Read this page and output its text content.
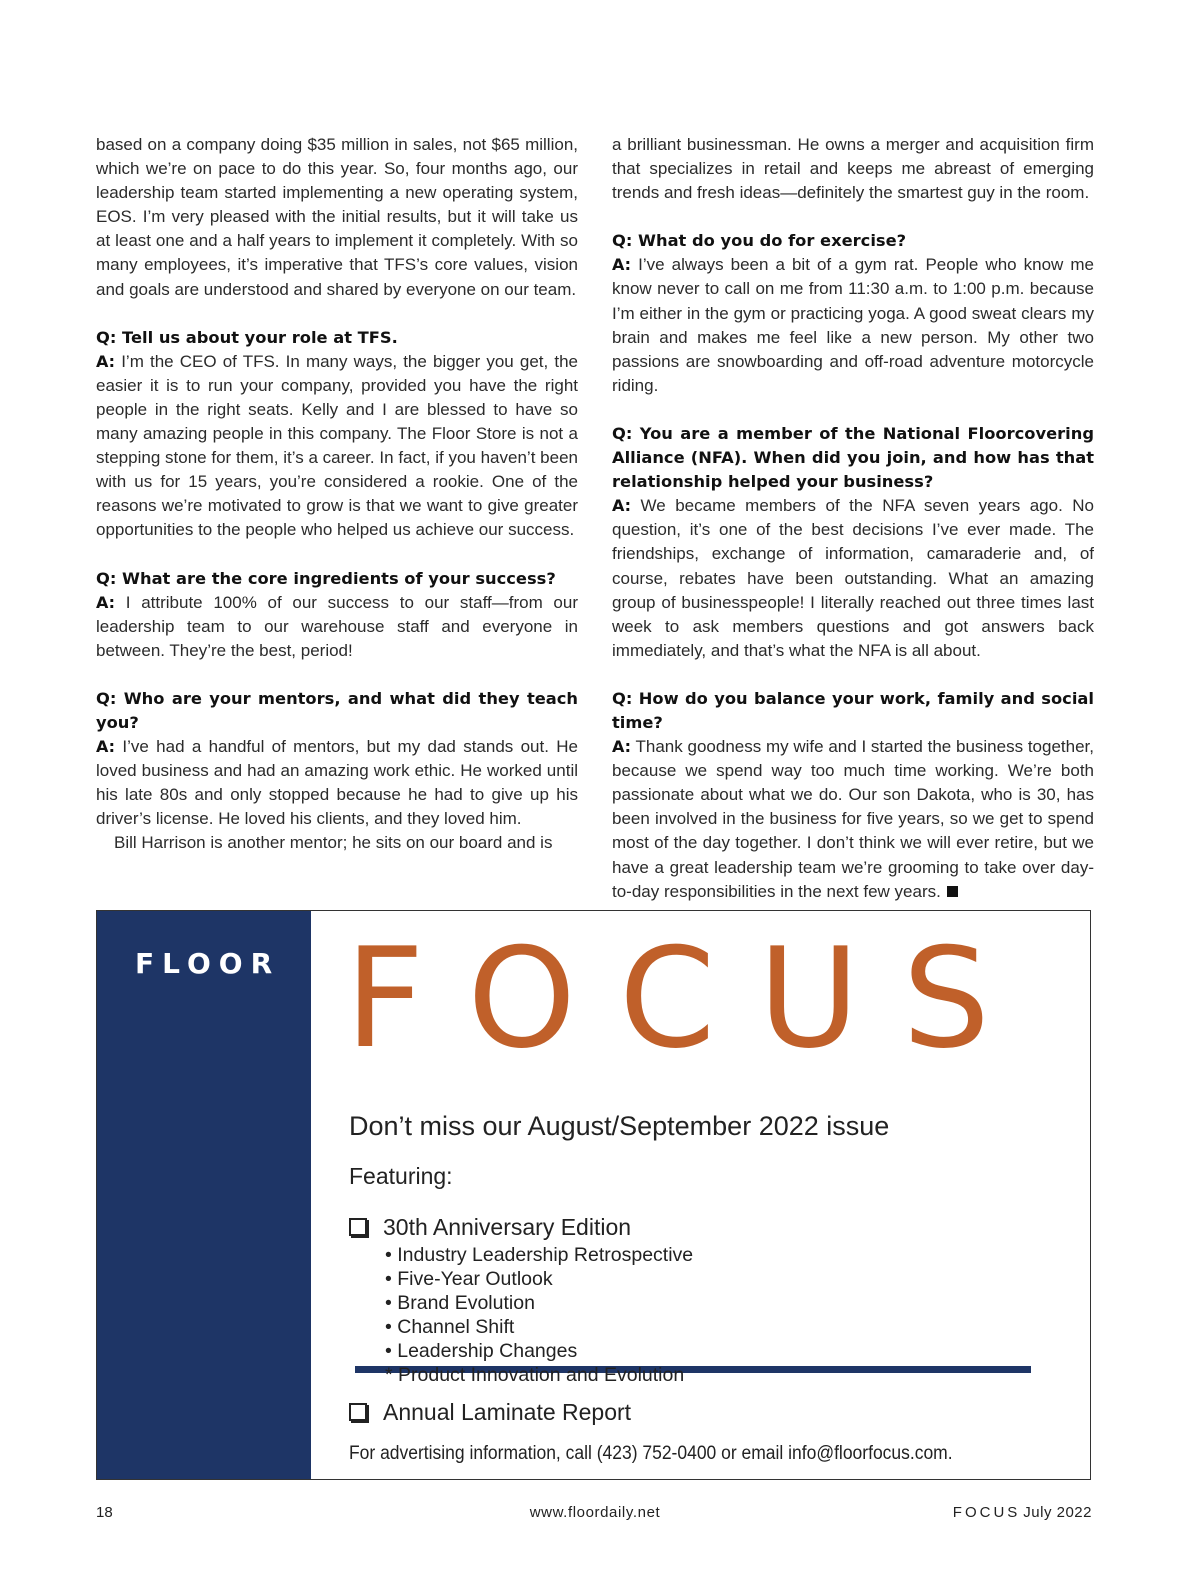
based on a company doing $35 million in sales, not $65 million, which we’re on pace to do this year. So, four months ago, our leadership team started implementing a new operating system, EOS. I’m very pleased with the initial results, but it will take us at least one and a half years to implement it completely. With so many employees, it’s imperative that TFS’s core values, vision and goals are understood and shared by everyone on our team.

Q: Tell us about your role at TFS.

A: I’m the CEO of TFS. In many ways, the bigger you get, the easier it is to run your company, provided you have the right people in the right seats. Kelly and I are blessed to have so many amazing people in this company. The Floor Store is not a stepping stone for them, it’s a career. In fact, if you haven’t been with us for 15 years, you’re considered a rookie. One of the reasons we’re motivated to grow is that we want to give greater opportunities to the people who helped us achieve our success.

Q: What are the core ingredients of your success?

A: I attribute 100% of our success to our staff—from our leadership team to our warehouse staff and everyone in between. They’re the best, period!

Q: Who are your mentors, and what did they teach you?

A: I’ve had a handful of mentors, but my dad stands out. He loved business and had an amazing work ethic. He worked until his late 80s and only stopped because he had to give up his driver’s license. He loved his clients, and they loved him.

Bill Harrison is another mentor; he sits on our board and is

a brilliant businessman. He owns a merger and acquisition firm that specializes in retail and keeps me abreast of emerging trends and fresh ideas—definitely the smartest guy in the room.

Q: What do you do for exercise?

A: I’ve always been a bit of a gym rat. People who know me know never to call on me from 11:30 a.m. to 1:00 p.m. because I’m either in the gym or practicing yoga. A good sweat clears my brain and makes me feel like a new person. My other two passions are snowboarding and off-road adventure motorcycle riding.

Q: You are a member of the National Floorcovering Alliance (NFA). When did you join, and how has that relationship helped your business?

A: We became members of the NFA seven years ago. No question, it’s one of the best decisions I’ve ever made. The friendships, exchange of information, camaraderie and, of course, rebates have been outstanding. What an amazing group of businesspeople! I literally reached out three times last week to ask members questions and got answers back immediately, and that’s what the NFA is all about.

Q: How do you balance your work, family and social time?

A: Thank goodness my wife and I started the business together, because we spend way too much time working. We’re both passionate about what we do. Our son Dakota, who is 30, has been involved in the business for five years, so we get to spend most of the day together. I don’t think we will ever retire, but we have a great leadership team we’re grooming to take over day-to-day responsibilities in the next few years.

FLOOR FOCUS
Don’t miss our August/September 2022 issue
Featuring:
30th Anniversary Edition
• Industry Leadership Retrospective
• Five-Year Outlook
• Brand Evolution
• Channel Shift
• Leadership Changes
* Product Innovation and Evolution
Annual Laminate Report
For advertising information, call (423) 752-0400 or email info@floorfocus.com.
18	www.floordaily.net	FOCUS July 2022
